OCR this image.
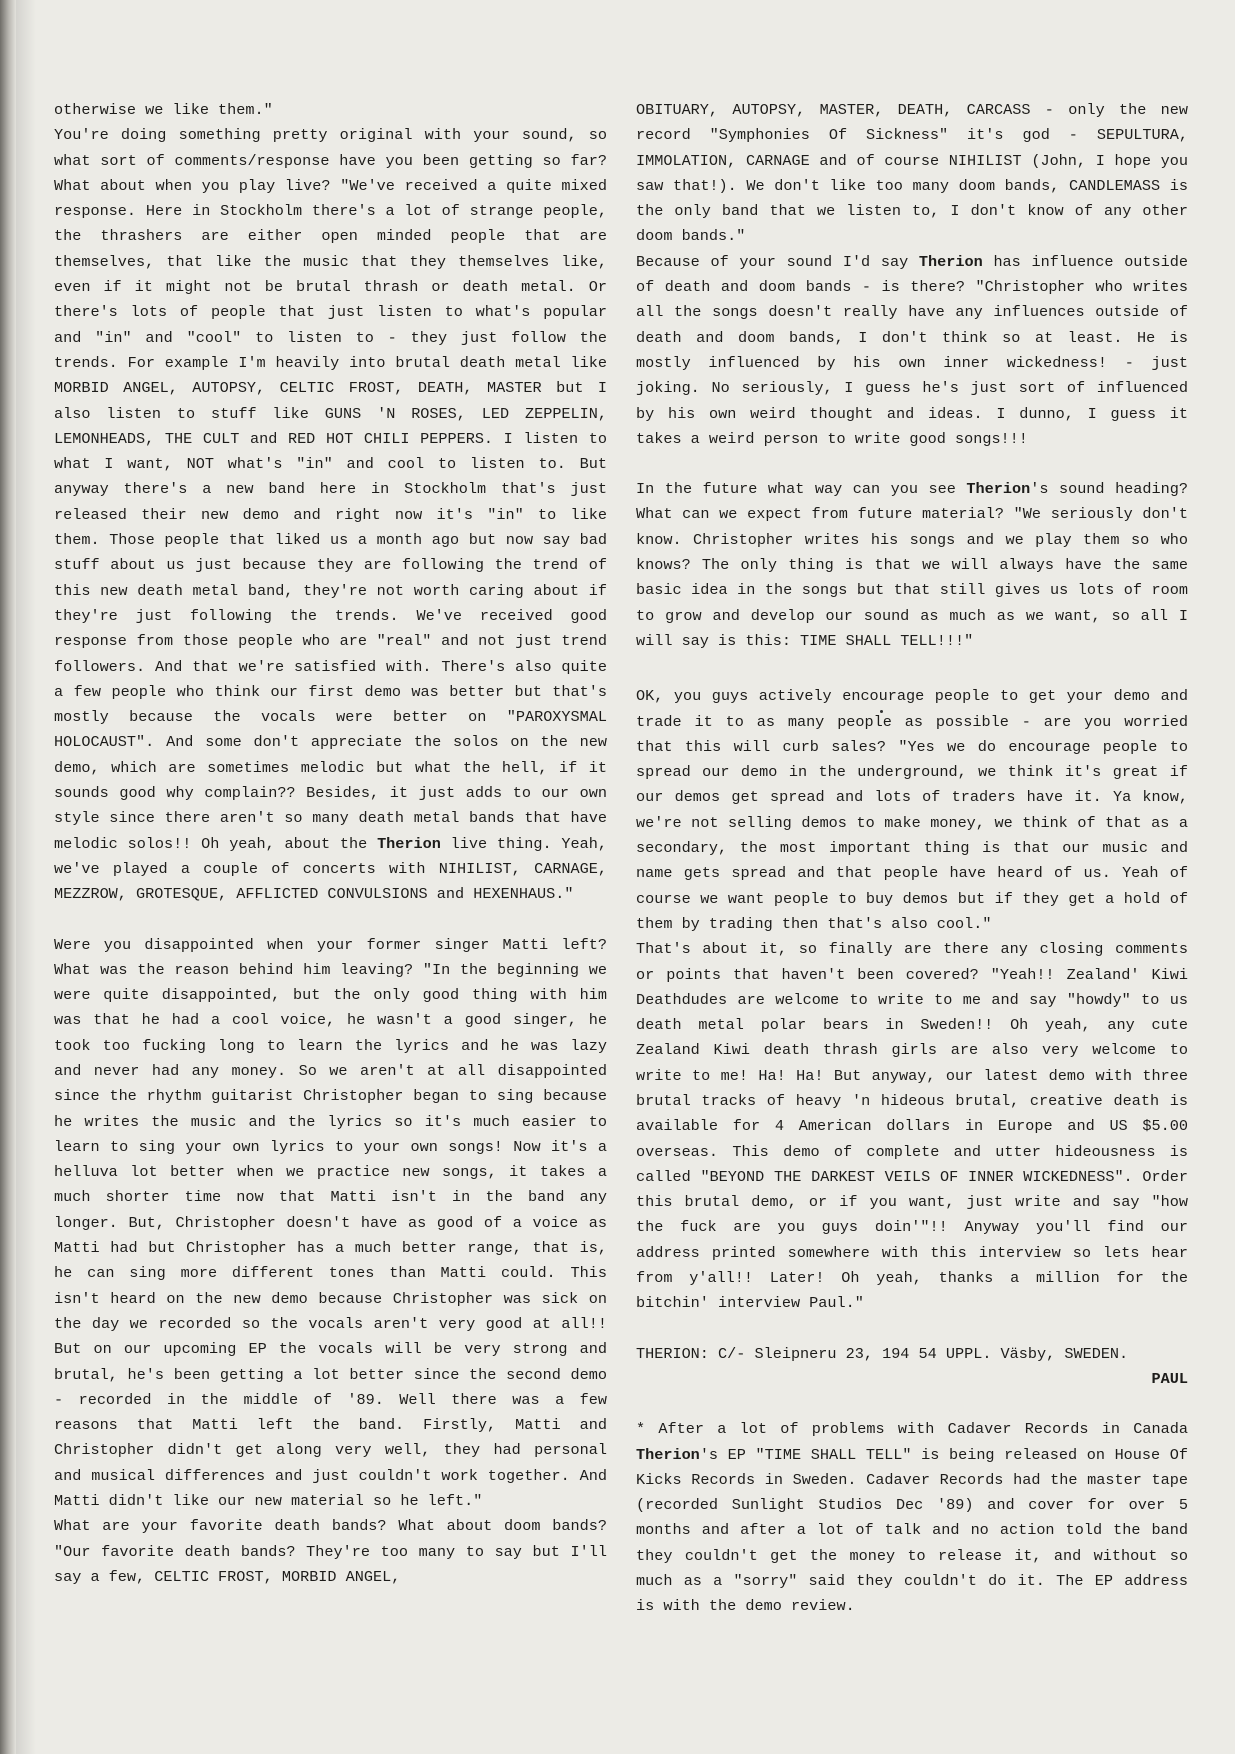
otherwise we like them."

You're doing something pretty original with your sound, so what sort of comments/response have you been getting so far? What about when you play live? "We've received a quite mixed response. Here in Stockholm there's a lot of strange people, the thrashers are either open minded people that are themselves, that like the music that they themselves like, even if it might not be brutal thrash or death metal. Or there's lots of people that just listen to what's popular and "in" and "cool" to listen to - they just follow the trends. For example I'm heavily into brutal death metal like MORBID ANGEL, AUTOPSY, CELTIC FROST, DEATH, MASTER but I also listen to stuff like GUNS 'N ROSES, LED ZEPPELIN, LEMONHEADS, THE CULT and RED HOT CHILI PEPPERS. I listen to what I want, NOT what's "in" and cool to listen to. But anyway there's a new band here in Stockholm that's just released their new demo and right now it's "in" to like them. Those people that liked us a month ago but now say bad stuff about us just because they are following the trend of this new death metal band, they're not worth caring about if they're just following the trends. We've received good response from those people who are "real" and not just trend followers. And that we're satisfied with. There's also quite a few people who think our first demo was better but that's mostly because the vocals were better on "PAROXYSMAL HOLOCAUST". And some don't appreciate the solos on the new demo, which are sometimes melodic but what the hell, if it sounds good why complain?? Besides, it just adds to our own style since there aren't so many death metal bands that have melodic solos!! Oh yeah, about the Therion live thing. Yeah, we've played a couple of concerts with NIHILIST, CARNAGE, MEZZROW, GROTESQUE, AFFLICTED CONVULSIONS and HEXENHAUS."

Were you disappointed when your former singer Matti left? What was the reason behind him leaving? "In the beginning we were quite disappointed, but the only good thing with him was that he had a cool voice, he wasn't a good singer, he took too fucking long to learn the lyrics and he was lazy and never had any money. So we aren't at all disappointed since the rhythm guitarist Christopher began to sing because he writes the music and the lyrics so it's much easier to learn to sing your own lyrics to your own songs! Now it's a helluva lot better when we practice new songs, it takes a much shorter time now that Matti isn't in the band any longer. But, Christopher doesn't have as good of a voice as Matti had but Christopher has a much better range, that is, he can sing more different tones than Matti could. This isn't heard on the new demo because Christopher was sick on the day we recorded so the vocals aren't very good at all!! But on our upcoming EP the vocals will be very strong and brutal, he's been getting a lot better since the second demo - recorded in the middle of '89. Well there was a few reasons that Matti left the band. Firstly, Matti and Christopher didn't get along very well, they had personal and musical differences and just couldn't work together. And Matti didn't like our new material so he left."

What are your favorite death bands? What about doom bands? "Our favorite death bands? They're too many to say but I'll say a few, CELTIC FROST, MORBID ANGEL,

OBITUARY, AUTOPSY, MASTER, DEATH, CARCASS - only the new record "Symphonies Of Sickness" it's god - SEPULTURA, IMMOLATION, CARNAGE and of course NIHILIST (John, I hope you saw that!). We don't like too many doom bands, CANDLEMASS is the only band that we listen to, I don't know of any other doom bands."

Because of your sound I'd say Therion has influence outside of death and doom bands - is there? "Christopher who writes all the songs doesn't really have any influences outside of death and doom bands, I don't think so at least. He is mostly influenced by his own inner wickedness! - just joking. No seriously, I guess he's just sort of influenced by his own weird thought and ideas. I dunno, I guess it takes a weird person to write good songs!!!

In the future what way can you see Therion's sound heading? What can we expect from future material? "We seriously don't know. Christopher writes his songs and we play them so who knows? The only thing is that we will always have the same basic idea in the songs but that still gives us lots of room to grow and develop our sound as much as we want, so all I will say is this: TIME SHALL TELL!!!"

OK, you guys actively encourage people to get your demo and trade it to as many people as possible - are you worried that this will curb sales? "Yes we do encourage people to spread our demo in the underground, we think it's great if our demos get spread and lots of traders have it. Ya know, we're not selling demos to make money, we think of that as a secondary, the most important thing is that our music and name gets spread and that people have heard of us. Yeah of course we want people to buy demos but if they get a hold of them by trading then that's also cool."

That's about it, so finally are there any closing comments or points that haven't been covered? "Yeah!! Zealand' Kiwi Deathdudes are welcome to write to me and say "howdy" to us death metal polar bears in Sweden!! Oh yeah, any cute Zealand Kiwi death thrash girls are also very welcome to write to me! Ha! Ha! But anyway, our latest demo with three brutal tracks of heavy 'n hideous brutal, creative death is available for 4 American dollars in Europe and US $5.00 overseas. This demo of complete and utter hideousness is called "BEYOND THE DARKEST VEILS OF INNER WICKEDNESS". Order this brutal demo, or if you want, just write and say "how the fuck are you guys doin'"!! Anyway you'll find our address printed somewhere with this interview so lets hear from y'all!! Later! Oh yeah, thanks a million for the bitchin' interview Paul."

THERION: C/- Sleipneru 23, 194 54 UPPL. Väsby, SWEDEN.

PAUL

* After a lot of problems with Cadaver Records in Canada Therion's EP "TIME SHALL TELL" is being released on House Of Kicks Records in Sweden. Cadaver Records had the master tape (recorded Sunlight Studios Dec '89) and cover for over 5 months and after a lot of talk and no action told the band they couldn't get the money to release it, and without so much as a "sorry" said they couldn't do it. The EP address is with the demo review.
